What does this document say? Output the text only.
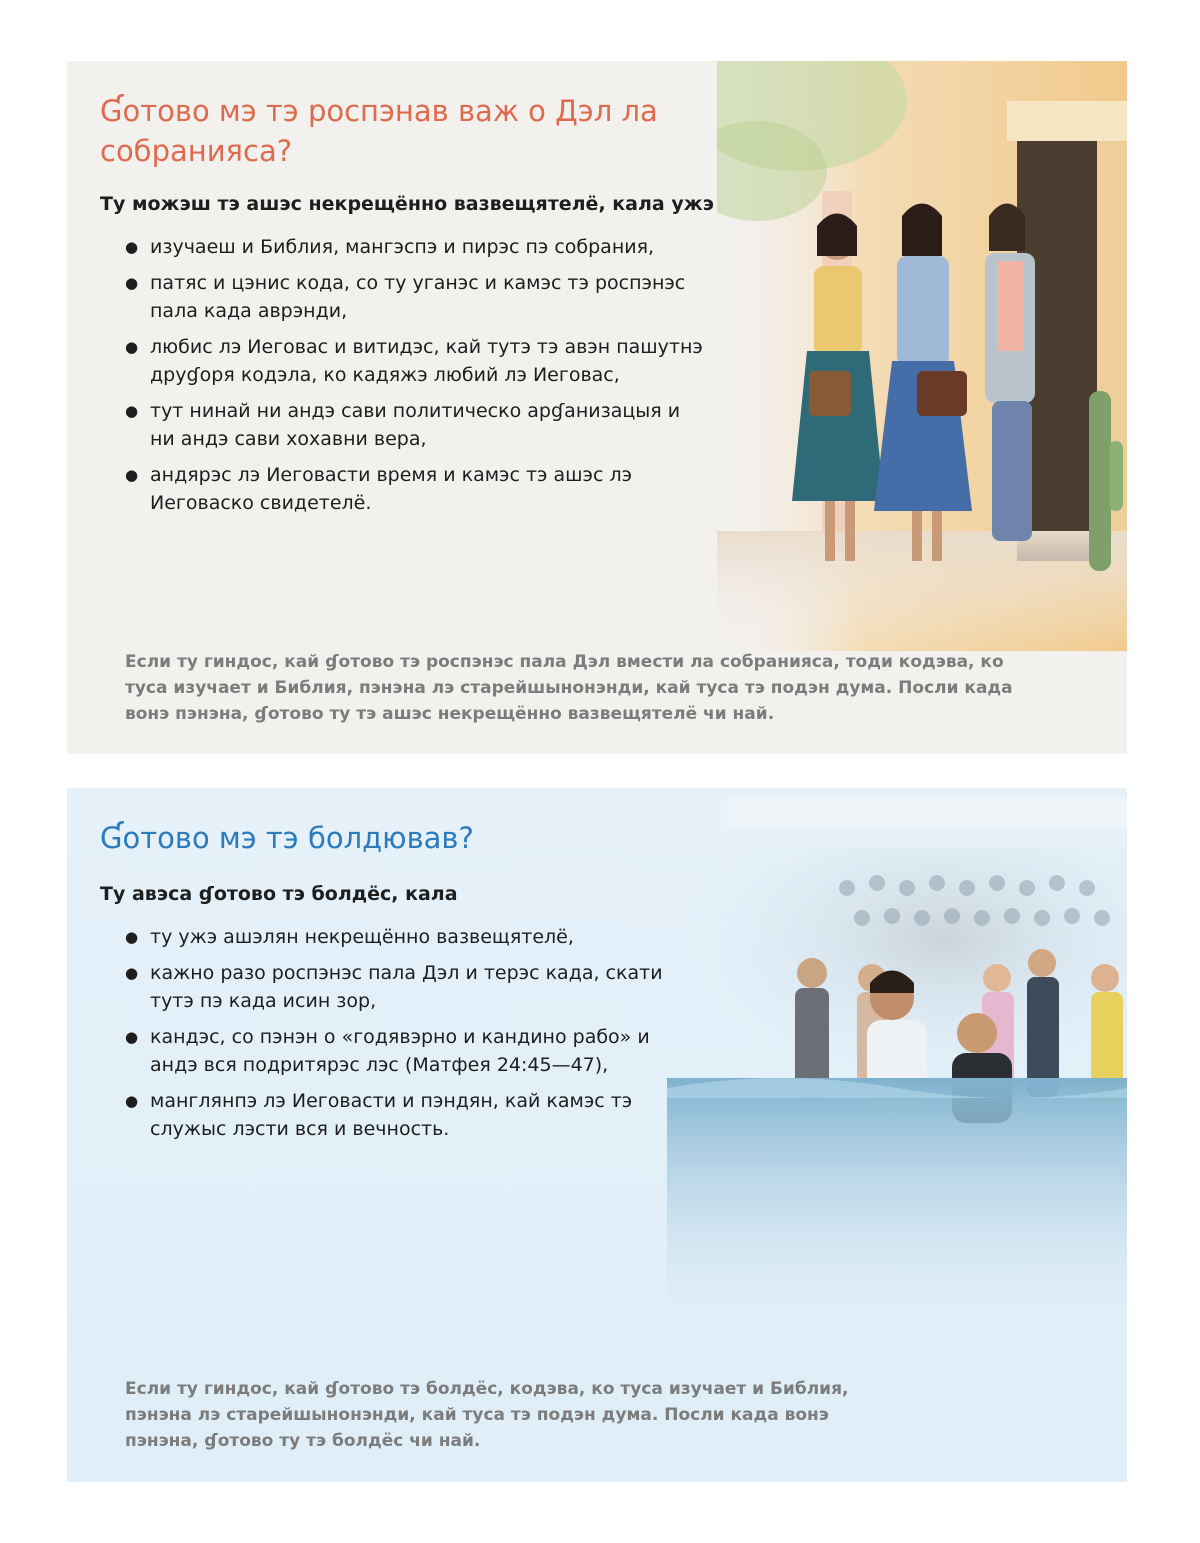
Ɠотово мэ тэ роспэнав важ о Дэл ла собранияса?

Ту можэш тэ ашэс некрещённо вазвещятелё, кала ужэ

● изучаеш и Библия, мангэспэ и пирэс пэ собрания,
● патяс и цэнис кода, со ту уганэс и камэс тэ роспэнэс пала када аврэнди,
● любис лэ Иеговас и витидэс, кай тутэ тэ авэн пашутнэ друɠоря кодэла, ко кадяжэ любий лэ Иеговас,
● тут нинай ни андэ сави политическо арɠанизацыя и ни андэ сави хохавни вера,
● андярэс лэ Иеговасти время и камэс тэ ашэс лэ Иеговаско свидетелё.

Если ту гиндос, кай ɠотово тэ роспэнэс пала Дэл вмести ла собранияса, тоди кодэва, ко туса изучает и Библия, пэнэна лэ старейшынонэнди, кай туса тэ подэн дума. Посли када вонэ пэнэна, ɠотово ту тэ ашэс некрещённо вазвещятелё чи най.

Ɠотово мэ тэ болдював?

Ту авэса ɠотово тэ болдёс, кала

● ту ужэ ашэлян некрещённо вазвещятелё,
● кажно разо роспэнэс пала Дэл и терэс када, скати тутэ пэ када исин зор,
● кандэс, со пэнэн о «годявэрно и кандино рабо» и андэ вся подритярэс лэс (Матфея 24:45—47),
● манглянпэ лэ Иеговасти и пэндян, кай камэс тэ служыс лэсти вся и вечность.

Если ту гиндос, кай ɠотово тэ болдёс, кодэва, ко туса изучает и Библия, пэнэна лэ старейшынонэнди, кай туса тэ подэн дума. Посли када вонэ пэнэна, ɠотово ту тэ болдёс чи най.
